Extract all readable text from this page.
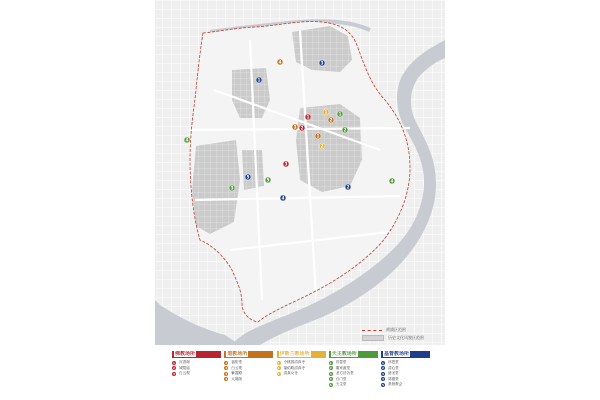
1
4	3
1
2
1
1
2
3
2
2
1
3
4
3
5
5
4
2
4
黄浦区范围
历史文化风貌区范围
佛教场所
1 沉香阁
2 城隍庙
3 白云观
道教场所
1 福佑堂
2 白云观
3 紫霞殿
4 大境阁
伊斯兰教场所
1 小桃园清真寺
2 福佑路清真寺
3 清真女寺
天主教场所
1 若瑟堂
2 董家渡堂
3 圣方济各堂
4 石门堂
5 天主堂
基督教场所
1 沐恩堂
2 清心堂
3 诸圣堂
4 鸿德堂
5 基督教会
